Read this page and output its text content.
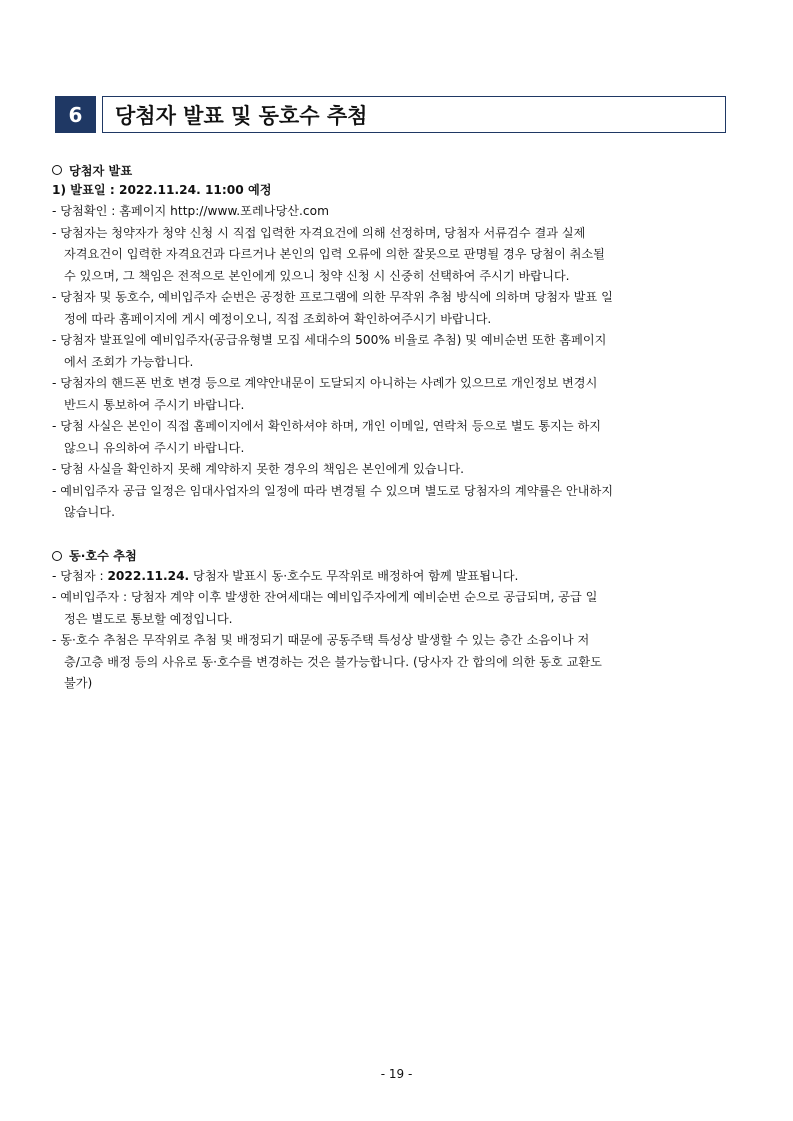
6	당첨자 발표 및 동호수 추첨
당첨자 발표
1) 발표일 : 2022.11.24. 11:00 예정
- 당첨확인 : 홈페이지 http://www.포레나당산.com
- 당첨자는 청약자가 청약 신청 시 직접 입력한 자격요건에 의해 선정하며, 당첨자 서류검수 결과 실제
자격요건이 입력한 자격요건과 다르거나 본인의 입력 오류에 의한 잘못으로 판명될 경우 당첨이 취소될
수 있으며, 그 책임은 전적으로 본인에게 있으니 청약 신청 시 신중히 선택하여 주시기 바랍니다.
- 당첨자 및 동호수, 예비입주자 순번은 공정한 프로그램에 의한 무작위 추첨 방식에 의하며 당첨자 발표 일
정에 따라 홈페이지에 게시 예정이오니, 직접 조회하여 확인하여주시기 바랍니다.
- 당첨자 발표일에 예비입주자(공급유형별 모집 세대수의 500% 비율로 추첨) 및 예비순번 또한 홈페이지
에서 조회가 가능합니다.
- 당첨자의 핸드폰 번호 변경 등으로 계약안내문이 도달되지 아니하는 사례가 있으므로 개인정보 변경시
반드시 통보하여 주시기 바랍니다.
- 당첨 사실은 본인이 직접 홈페이지에서 확인하셔야 하며, 개인 이메일, 연락처 등으로 별도 통지는 하지
않으니 유의하여 주시기 바랍니다.
- 당첨 사실을 확인하지 못해 계약하지 못한 경우의 책임은 본인에게 있습니다.
- 예비입주자 공급 일정은 임대사업자의 일정에 따라 변경될 수 있으며 별도로 당첨자의 계약률은 안내하지
않습니다.
동·호수 추첨
- 당첨자 : 2022.11.24. 당첨자 발표시 동·호수도 무작위로 배정하여 함께 발표됩니다.
- 예비입주자 : 당첨자 계약 이후 발생한 잔여세대는 예비입주자에게 예비순번 순으로 공급되며, 공급 일
정은 별도로 통보할 예정입니다.
- 동·호수 추첨은 무작위로 추첨 및 배정되기 때문에 공동주택 특성상 발생할 수 있는 층간 소음이나 저
층/고층 배정 등의 사유로 동·호수를 변경하는 것은 불가능합니다. (당사자 간 합의에 의한 동호 교환도
불가)
- 19 -
